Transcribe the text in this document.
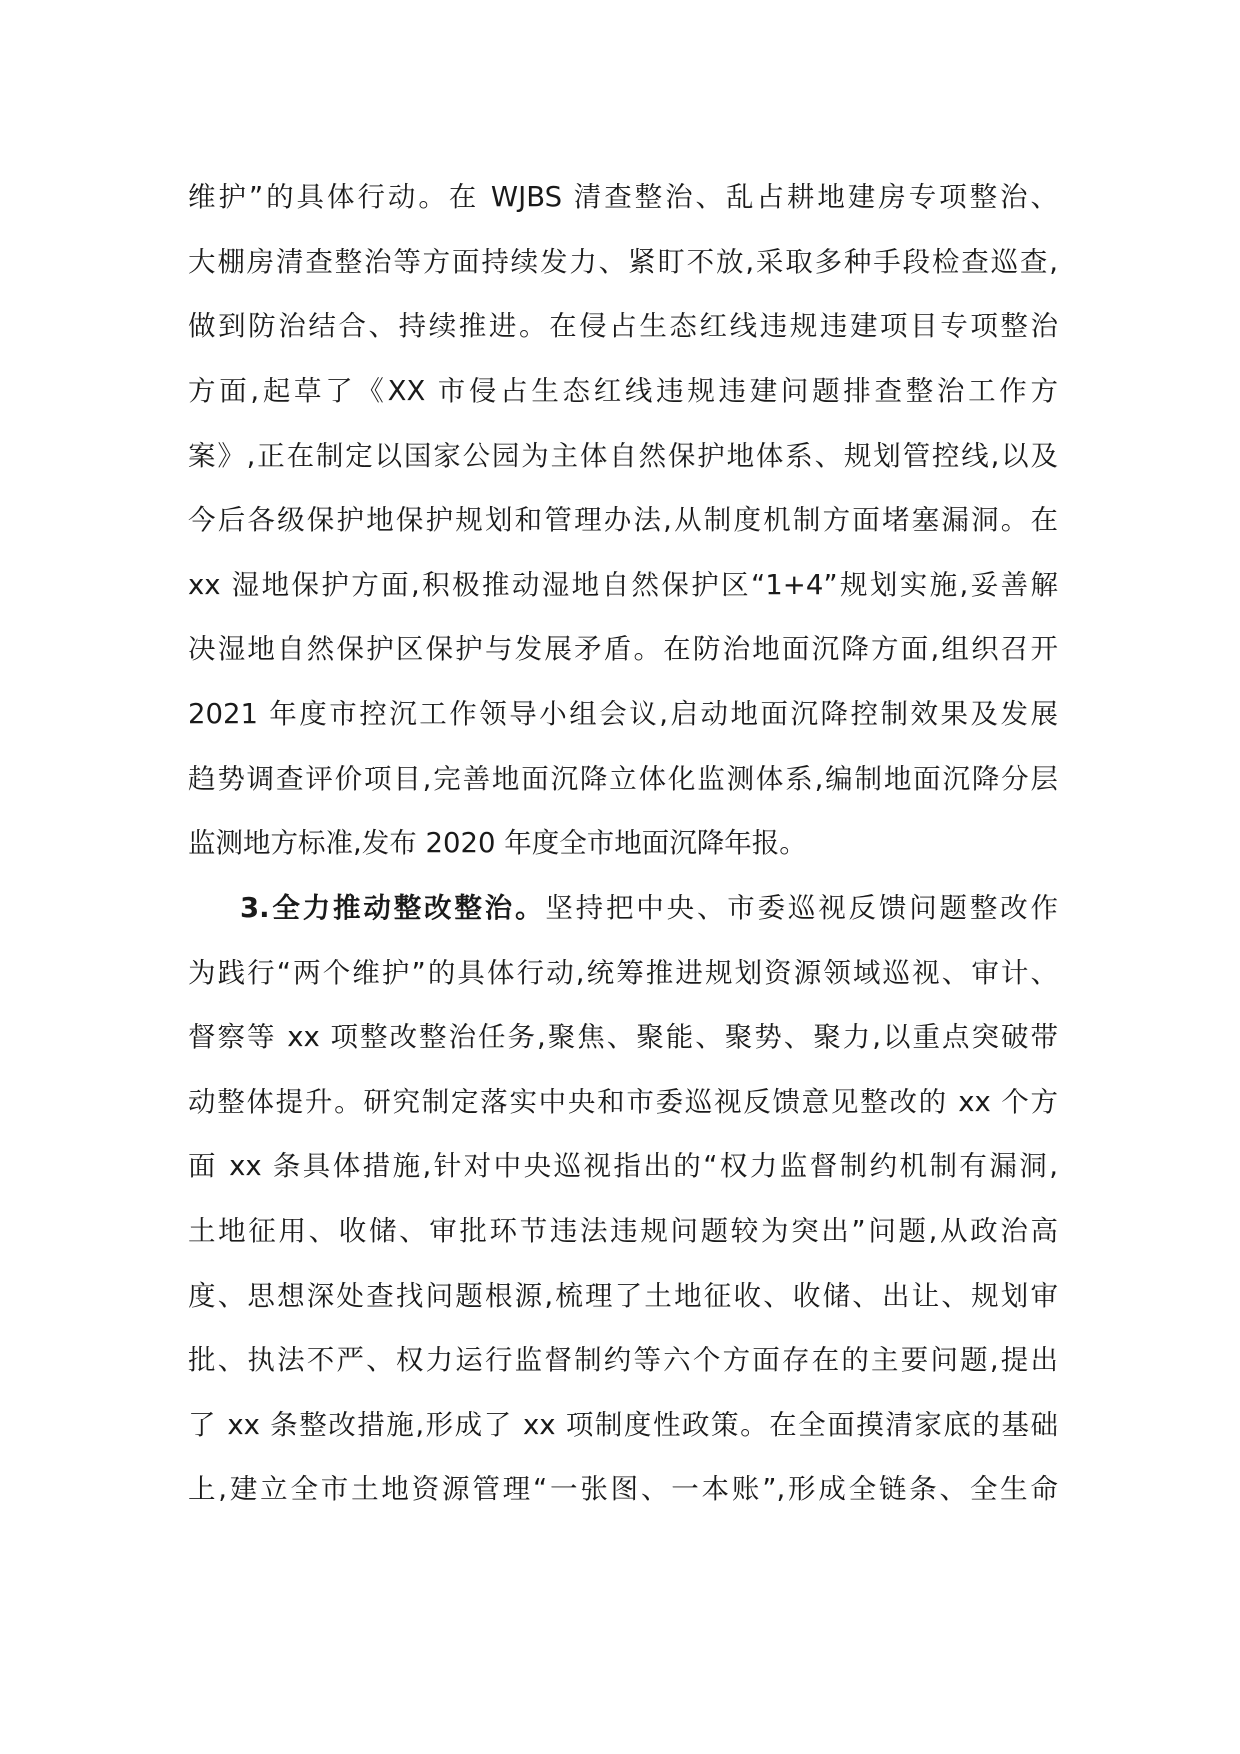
维护”的具体行动。在 WJBS 清查整治、乱占耕地建房专项整治、
大棚房清查整治等方面持续发力、紧盯不放,采取多种手段检查巡查,
做到防治结合、持续推进。在侵占生态红线违规违建项目专项整治
方面,起草了《XX 市侵占生态红线违规违建问题排查整治工作方
案》,正在制定以国家公园为主体自然保护地体系、规划管控线,以及
今后各级保护地保护规划和管理办法,从制度机制方面堵塞漏洞。在
xx 湿地保护方面,积极推动湿地自然保护区“1+4”规划实施,妥善解
决湿地自然保护区保护与发展矛盾。在防治地面沉降方面,组织召开
2021 年度市控沉工作领导小组会议,启动地面沉降控制效果及发展
趋势调查评价项目,完善地面沉降立体化监测体系,编制地面沉降分层
监测地方标准,发布 2020 年度全市地面沉降年报。
3.全力推动整改整治。坚持把中央、市委巡视反馈问题整改作
为践行“两个维护”的具体行动,统筹推进规划资源领域巡视、审计、
督察等 xx 项整改整治任务,聚焦、聚能、聚势、聚力,以重点突破带
动整体提升。研究制定落实中央和市委巡视反馈意见整改的 xx 个方
面 xx 条具体措施,针对中央巡视指出的“权力监督制约机制有漏洞,
土地征用、收储、审批环节违法违规问题较为突出”问题,从政治高
度、思想深处查找问题根源,梳理了土地征收、收储、出让、规划审
批、执法不严、权力运行监督制约等六个方面存在的主要问题,提出
了 xx 条整改措施,形成了 xx 项制度性政策。在全面摸清家底的基础
上,建立全市土地资源管理“一张图、一本账”,形成全链条、全生命
